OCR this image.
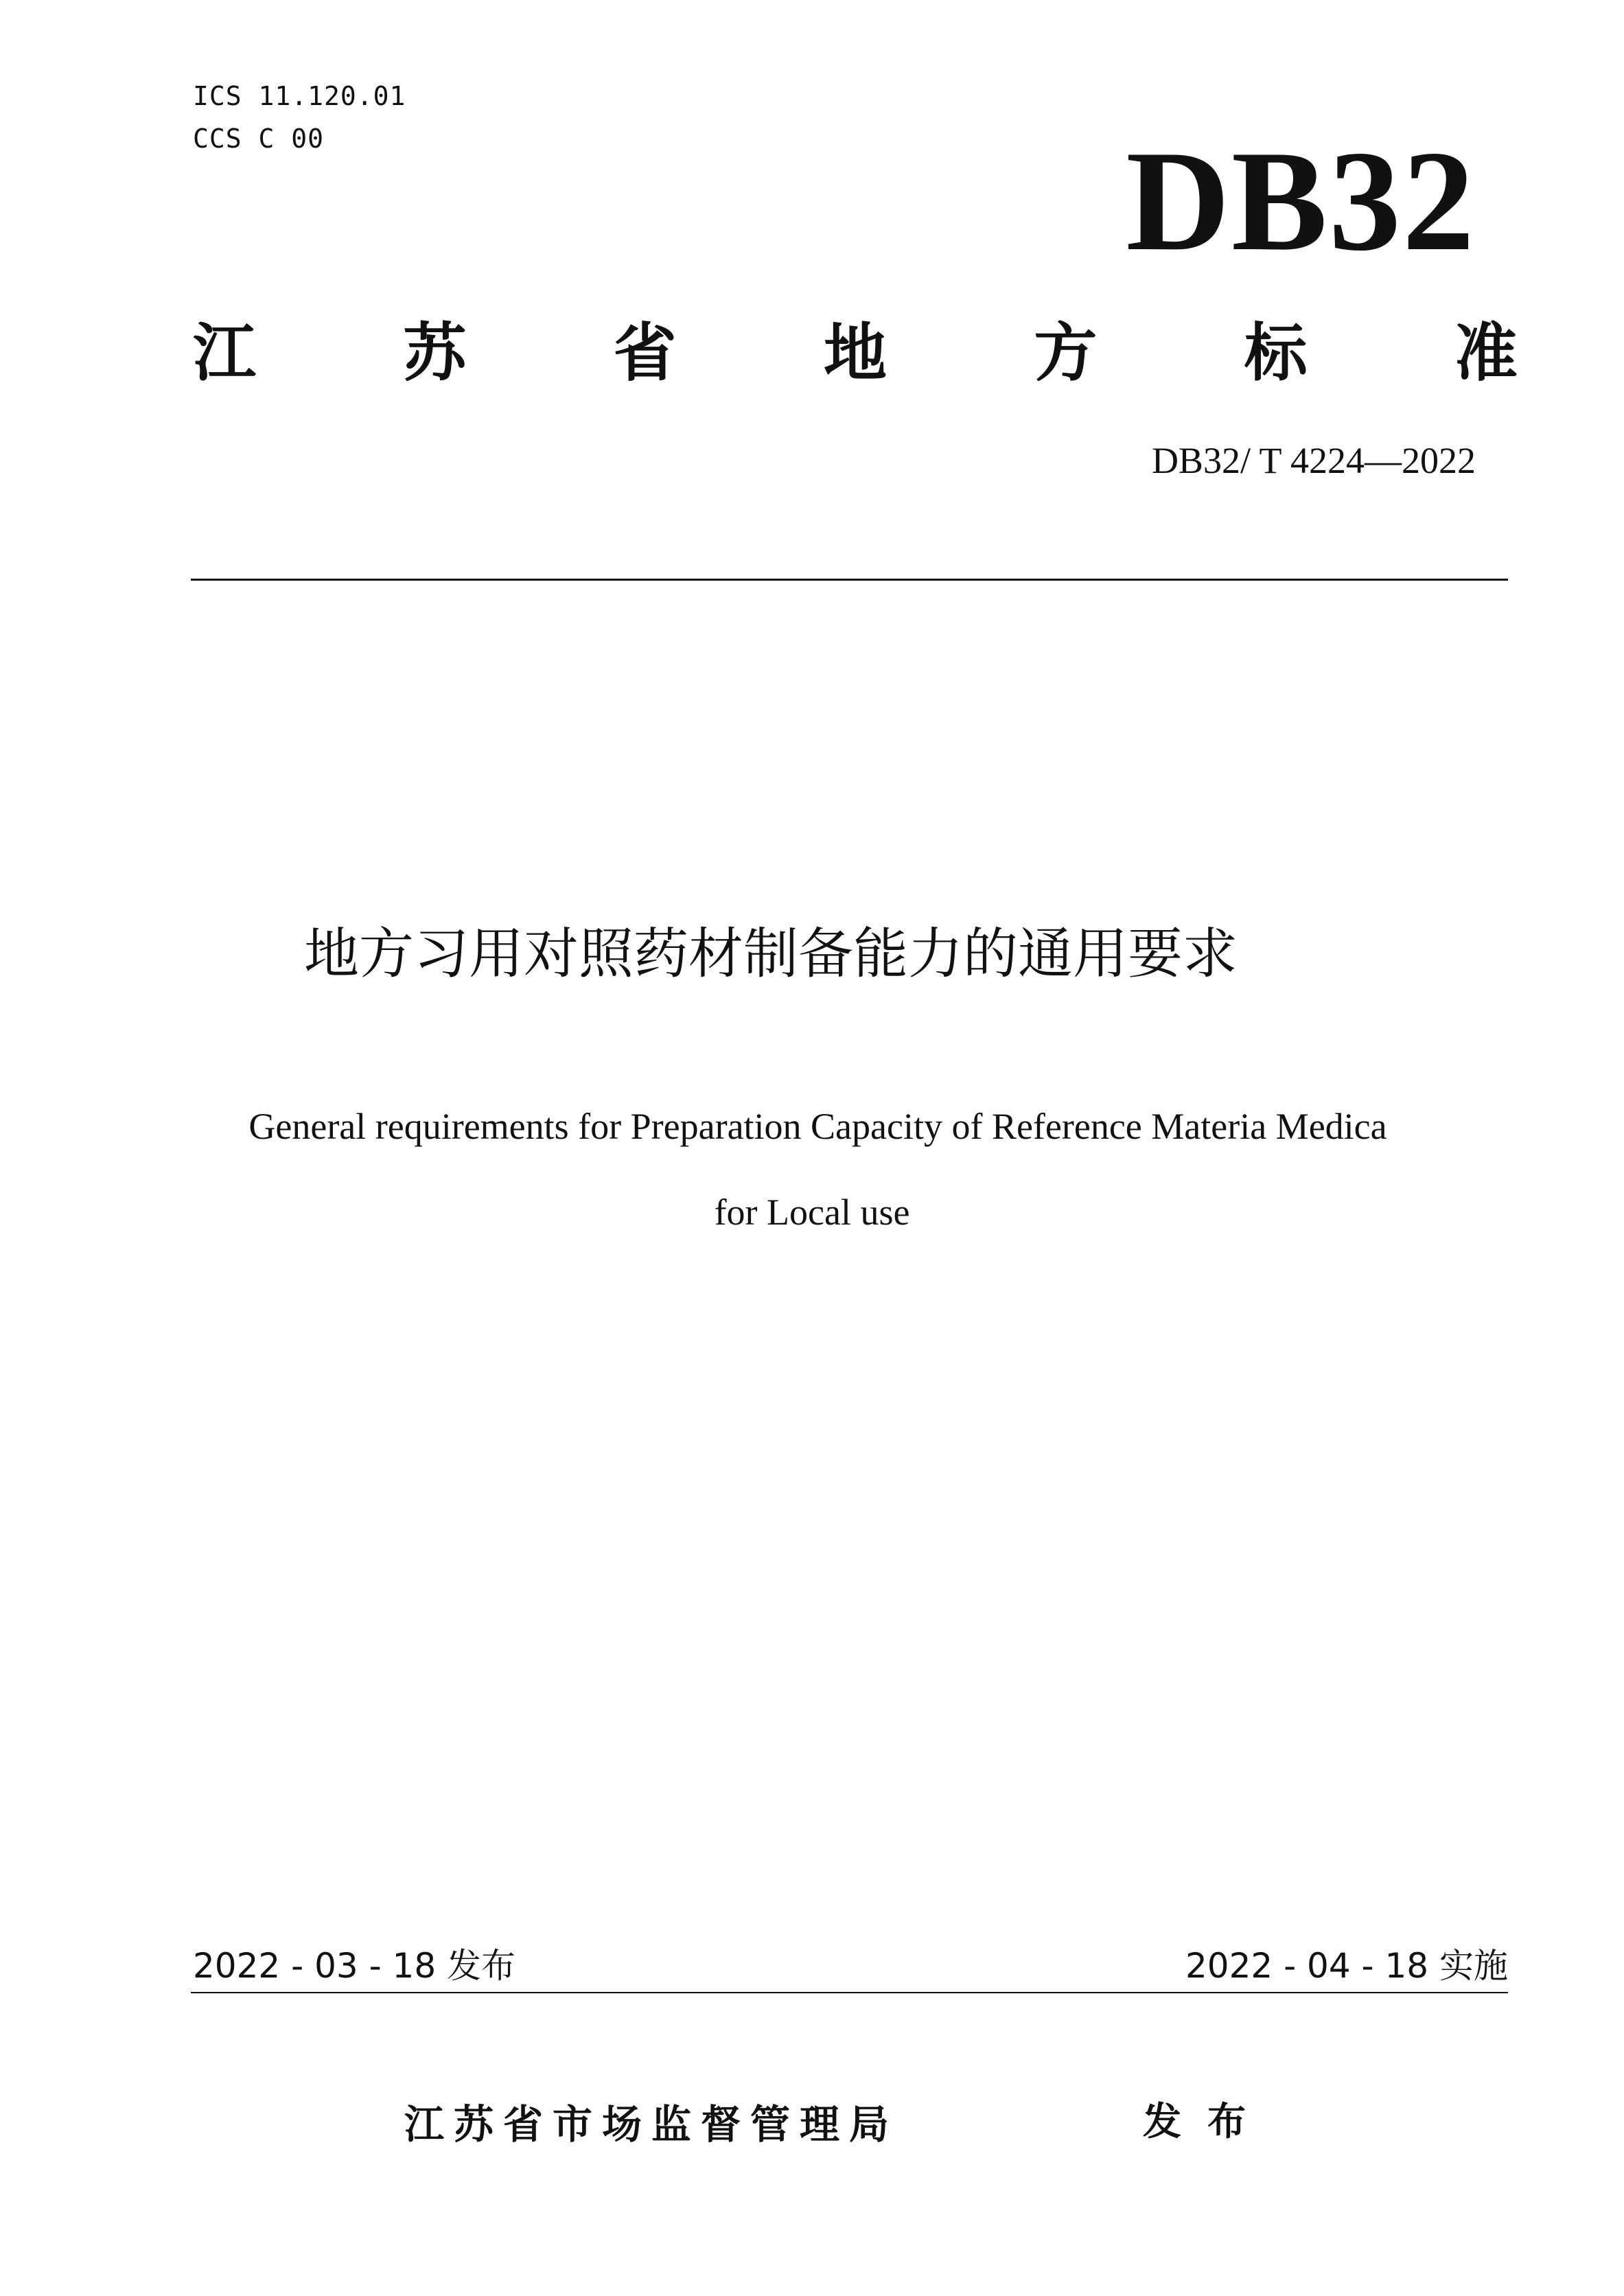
ICS 11.120.01
CCS C 00	DB32
江 苏 省 地 方 标 准
DB32/ T 4224—2022
地方习用对照药材制备能力的通用要求
General requirements for Preparation Capacity of Reference Materia Medica
for Local use
2022 - 03 - 18 发布	2022 - 04 - 18 实施
江苏省市场监督管理局	发布
